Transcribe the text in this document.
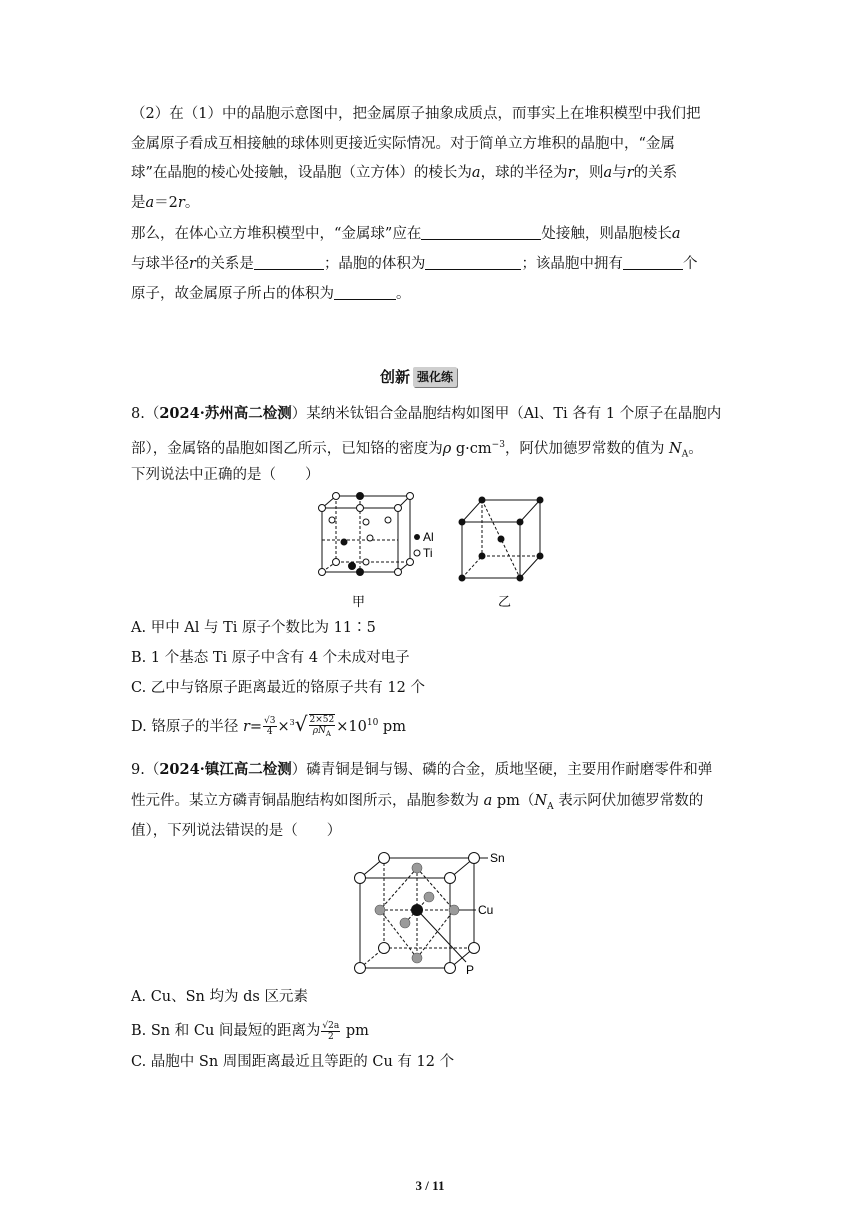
（2）在（1）中的晶胞示意图中，把金属原子抽象成质点，而事实上在堆积模型中我们把
金属原子看成互相接触的球体则更接近实际情况。对于简单立方堆积的晶胞中，“金属
球”在晶胞的棱心处接触，设晶胞（立方体）的棱长为a，球的半径为r，则a与r的关系
是a＝2r。
那么，在体心立方堆积模型中，“金属球”应在	处接触，则晶胞棱长a
与球半径r的关系是	；晶胞的体积为	；该晶胞中拥有	个
原子，故金属原子所占的体积为	。
创新 强化练
8.（2024·苏州高二检测）某纳米钛铝合金晶胞结构如图甲（Al、Ti 各有 1 个原子在晶胞内
部），金属铬的晶胞如图乙所示，已知铬的密度为ρ $g\cdot cm^{-3}$，阿伏加德罗常数的值为 $N_A$。
下列说法中正确的是（　　）
Al
Ti
甲	乙
A. 甲中 Al 与 Ti 原子个数比为 11∶5
B. 1 个基态 Ti 原子中含有 4 个未成对电子
C. 乙中与铬原子距离最近的铬原子共有 12 个
D. 铬原子的半径 $r= \frac{√3}{4} \times^3√ \frac{2\times 52}{\rho N_A} \times 10^{10}$ pm
9.（2024·镇江高二检测）磷青铜是铜与锡、磷的合金，质地坚硬，主要用作耐磨零件和弹
性元件。某立方磷青铜晶胞结构如图所示，晶胞参数为 a $pm(N_A$ 表示阿伏加德罗常数的
值），下列说法错误的是（　　）
Sn
Cu
P
A. Cu、Sn 均为 ds 区元素
B. Sn 和 Cu 间最短的距离为 $\frac{√2a}{2}$ pm
C. 晶胞中 Sn 周围距离最近且等距的 Cu 有 12 个
3 / 11
